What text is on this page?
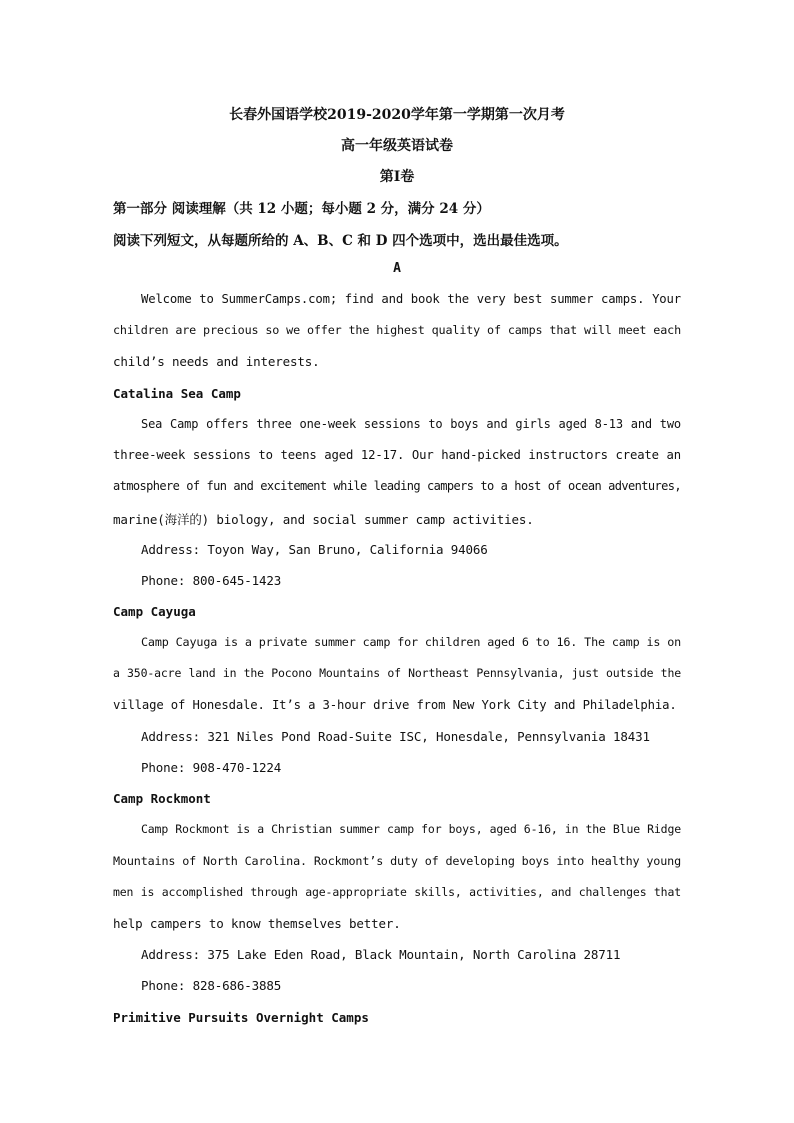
长春外国语学校2019-2020学年第一学期第一次月考
高一年级英语试卷
第I卷
第一部分 阅读理解（共 12 小题；每小题 2 分，满分 24 分）
阅读下列短文，从每题所给的 A、B、C 和 D 四个选项中，选出最佳选项。
A
Welcome to SummerCamps.com; find and book the very best summer camps. Your
children are precious so we offer the highest quality of camps that will meet each
child’s needs and interests.
Catalina Sea Camp
Sea Camp offers three one-week sessions to boys and girls aged 8-13 and two
three-week sessions to teens aged 12-17. Our hand-picked instructors create an
atmosphere of fun and excitement while leading campers to a host of ocean adventures,
marine(海洋的) biology, and social summer camp activities.
Address: Toyon Way, San Bruno, California 94066
Phone: 800-645-1423
Camp Cayuga
Camp Cayuga is a private summer camp for children aged 6 to 16. The camp is on
a 350-acre land in the Pocono Mountains of Northeast Pennsylvania, just outside the
village of Honesdale. It’s a 3-hour drive from New York City and Philadelphia.
Address: 321 Niles Pond Road-Suite ISC, Honesdale, Pennsylvania 18431
Phone: 908-470-1224
Camp Rockmont
Camp Rockmont is a Christian summer camp for boys, aged 6-16, in the Blue Ridge
Mountains of North Carolina. Rockmont’s duty of developing boys into healthy young
men is accomplished through age-appropriate skills, activities, and challenges that
help campers to know themselves better.
Address: 375 Lake Eden Road, Black Mountain, North Carolina 28711
Phone: 828-686-3885
Primitive Pursuits Overnight Camps
